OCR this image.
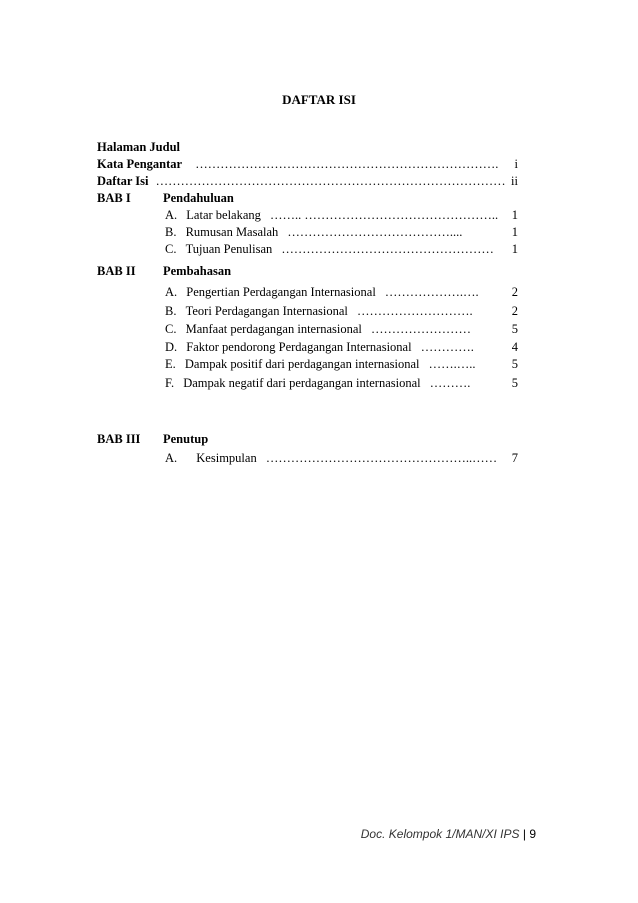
DAFTAR ISI
Halaman Judul
Kata Pengantar ……………………………………………………………….	i
Daftar Isi ………………………………………………………………………… ii
BAB I	Pendahuluan
A. Latar belakang …….. ………………………………………..	1
B. Rumusan Masalah …………………………………....	1
C. Tujuan Penulisan ……………………………………………	1
BAB II Pembahasan
A. Pengertian Perdagangan Internasional ……………….….	2
B. Teori Perdagangan Internasional ……………………….	2
C. Manfaat perdagangan internasional ……………………	5
D. Faktor pendorong Perdagangan Internasional ………….	4
E. Dampak positif dari perdagangan internasional …….…..	5
F. Dampak negatif dari perdagangan internasional ……….	5
BAB III Penutup
A. Kesimpulan …………………………………………..……	7
Doc. Kelompok 1/MAN/XI IPS | 9
